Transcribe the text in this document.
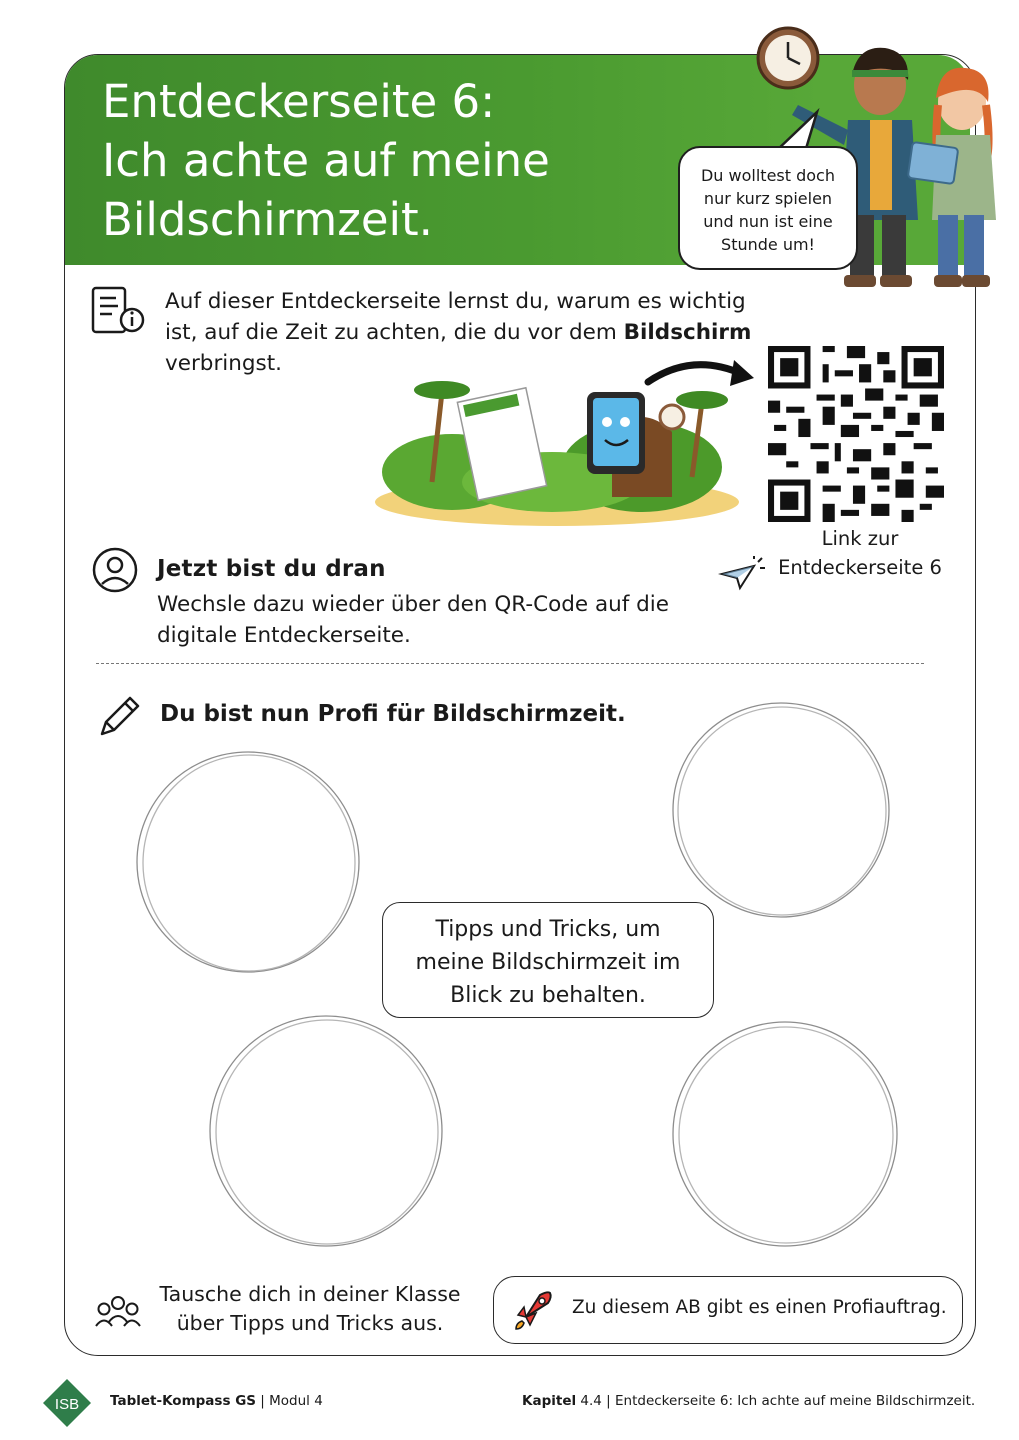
Entdeckerseite 6:
Ich achte auf meine
Bildschirmzeit.
Du wolltest doch
nur kurz spielen
und nun ist eine
Stunde um!
Auf dieser Entdeckerseite lernst du, warum es wichtig ist, auf die Zeit zu achten, die du vor dem Bildschirm verbringst.
Link zur
Entdeckerseite 6
Jetzt bist du dran
Wechsle dazu wieder über den QR-Code auf die digitale Entdeckerseite.
Du bist nun Profi für Bildschirmzeit.
Tipps und Tricks, um
meine Bildschirmzeit im
Blick zu behalten.
Tausche dich in deiner Klasse
über Tipps und Tricks aus.
Zu diesem AB gibt es einen Profiauftrag.
ISB Tablet-Kompass GS | Modul 4	Kapitel 4.4 | Entdeckerseite 6: Ich achte auf meine Bildschirmzeit.
